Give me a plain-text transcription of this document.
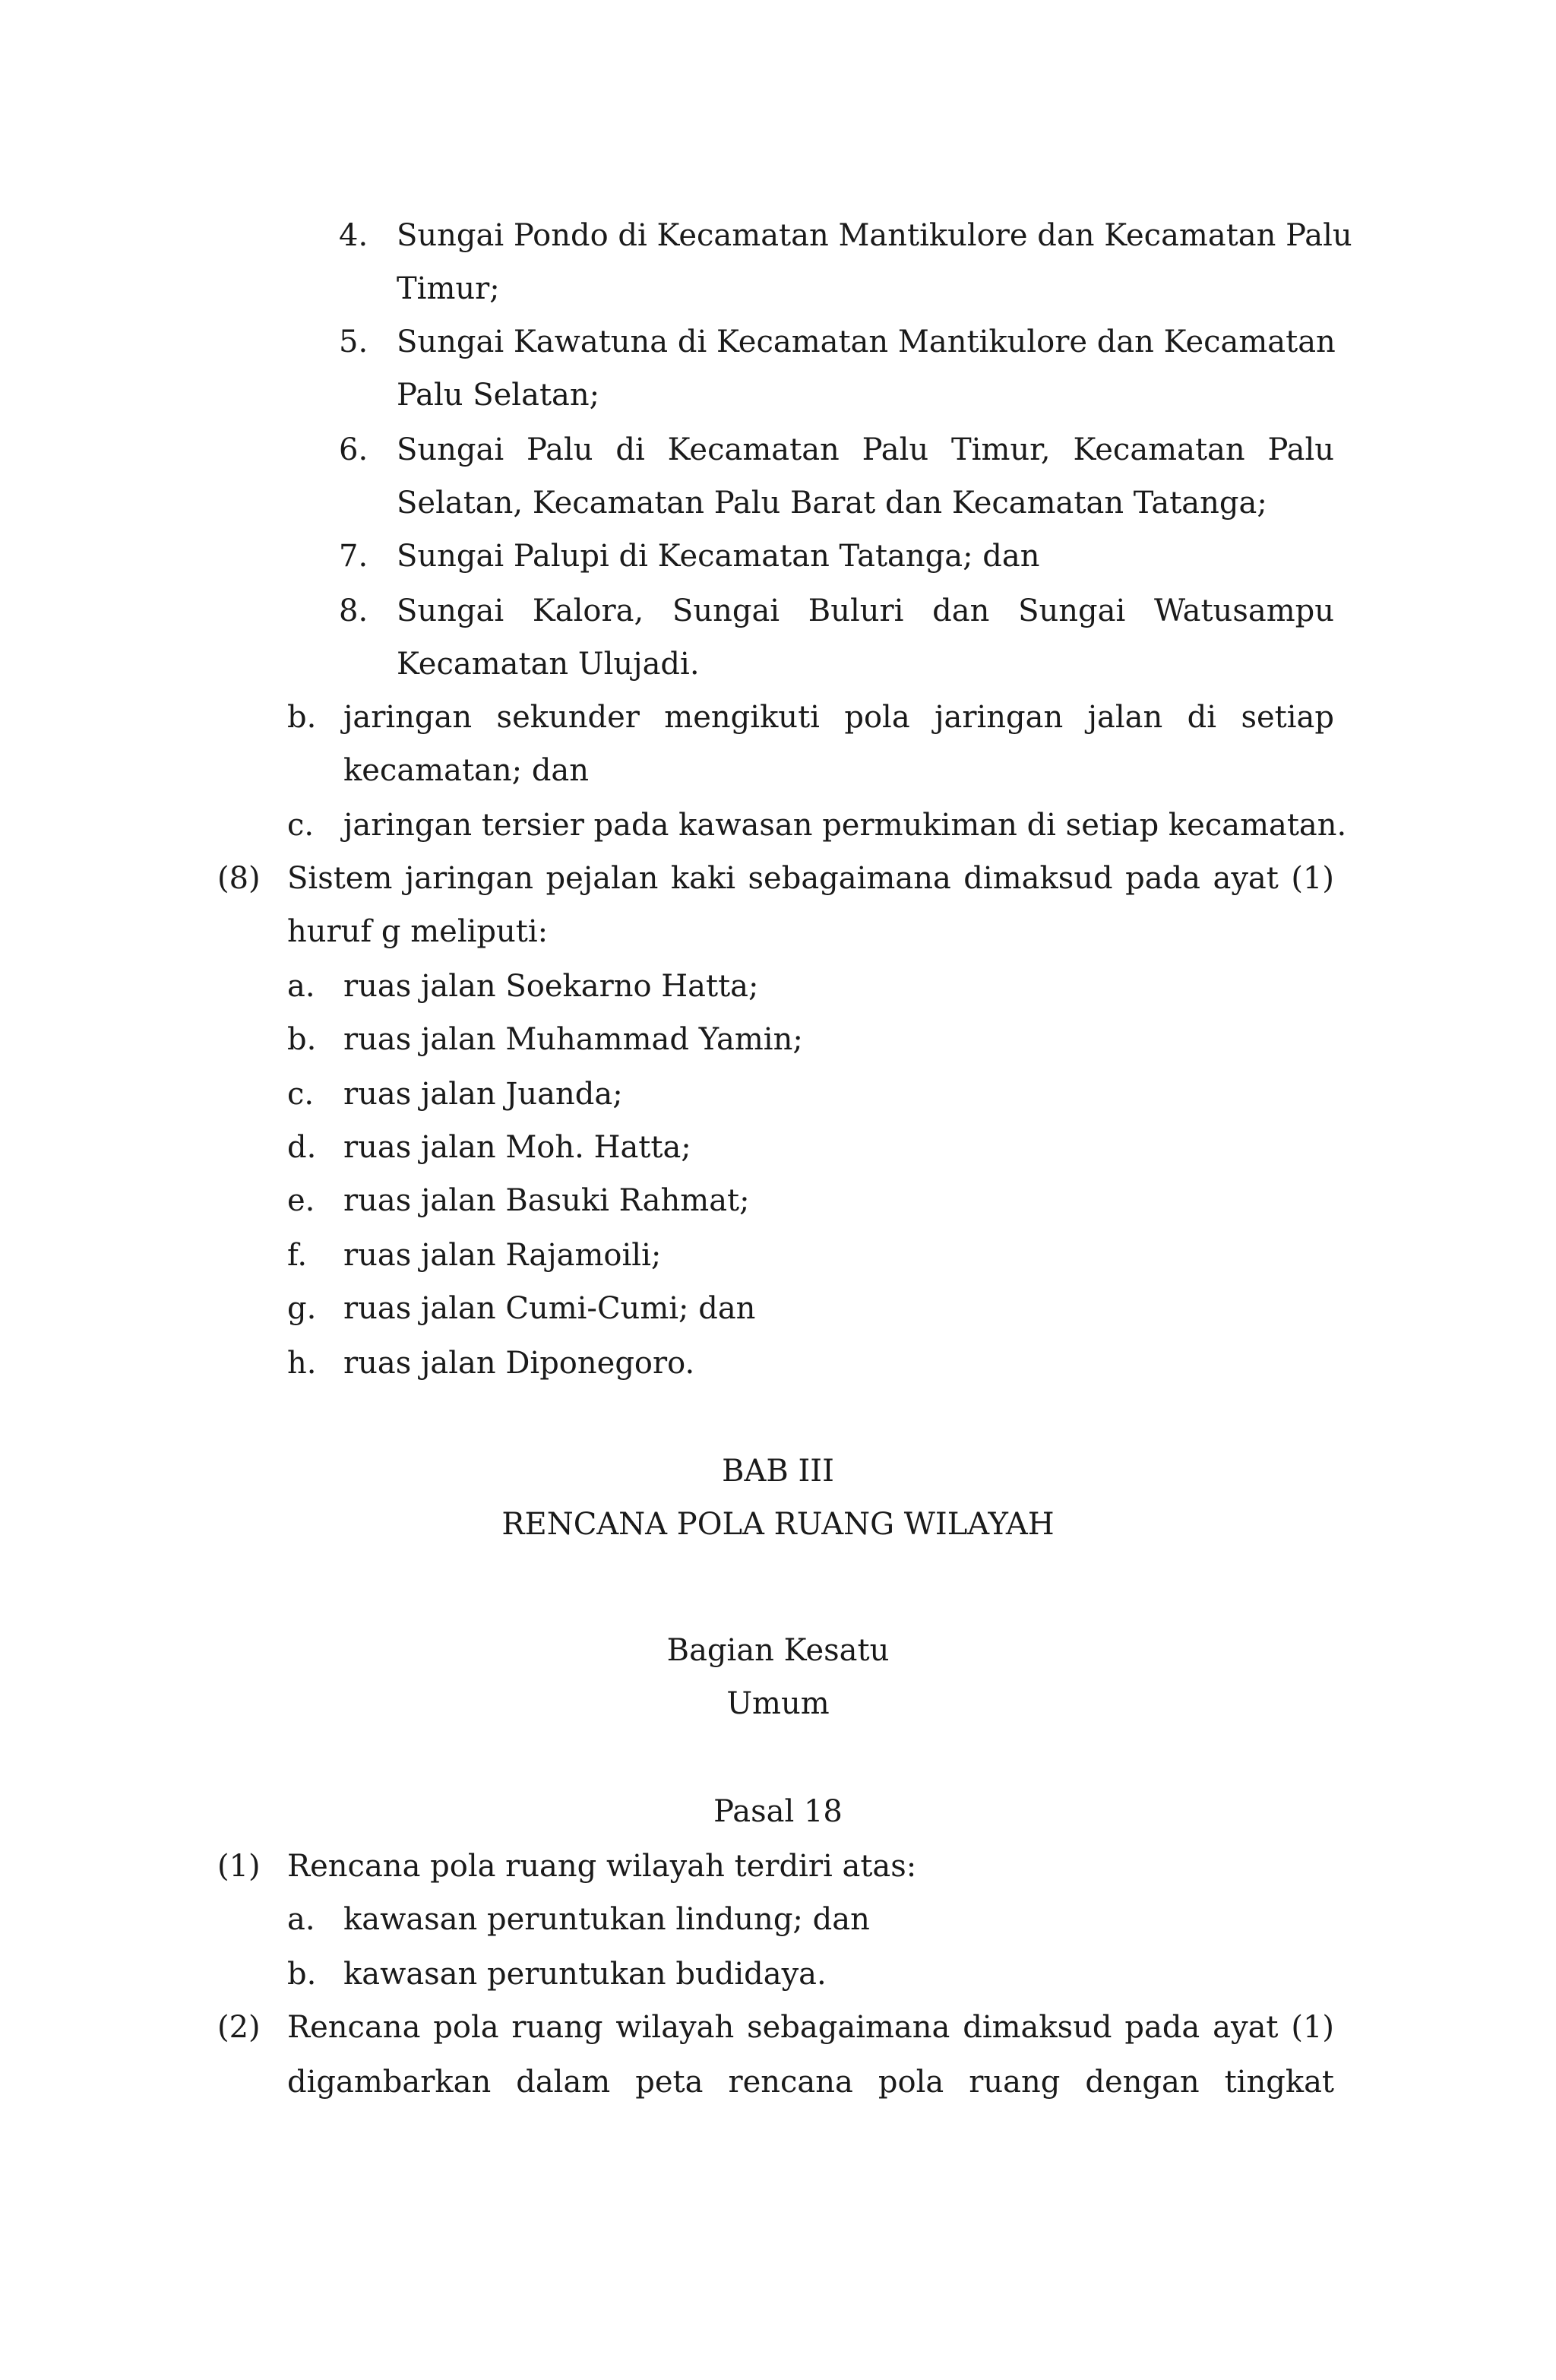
4. Sungai Pondo di Kecamatan Mantikulore dan Kecamatan Palu
Timur;
5. Sungai Kawatuna di Kecamatan Mantikulore dan Kecamatan
Palu Selatan;
6. Sungai Palu di Kecamatan Palu Timur, Kecamatan Palu
Selatan, Kecamatan Palu Barat dan Kecamatan Tatanga;
7. Sungai Palupi di Kecamatan Tatanga; dan
8. Sungai Kalora, Sungai Buluri dan Sungai Watusampu
Kecamatan Ulujadi.
b. jaringan sekunder mengikuti pola jaringan jalan di setiap
kecamatan; dan
c. jaringan tersier pada kawasan permukiman di setiap kecamatan.
(8) Sistem jaringan pejalan kaki sebagaimana dimaksud pada ayat (1)
huruf g meliputi:
a. ruas jalan Soekarno Hatta;
b. ruas jalan Muhammad Yamin;
c. ruas jalan Juanda;
d. ruas jalan Moh. Hatta;
e. ruas jalan Basuki Rahmat;
f. ruas jalan Rajamoili;
g. ruas jalan Cumi-Cumi; dan
h. ruas jalan Diponegoro.
BAB III
RENCANA POLA RUANG WILAYAH
Bagian Kesatu
Umum
Pasal 18
(1) Rencana pola ruang wilayah terdiri atas:
a. kawasan peruntukan lindung; dan
b. kawasan peruntukan budidaya.
(2) Rencana pola ruang wilayah sebagaimana dimaksud pada ayat (1)
digambarkan dalam peta rencana pola ruang dengan tingkat
